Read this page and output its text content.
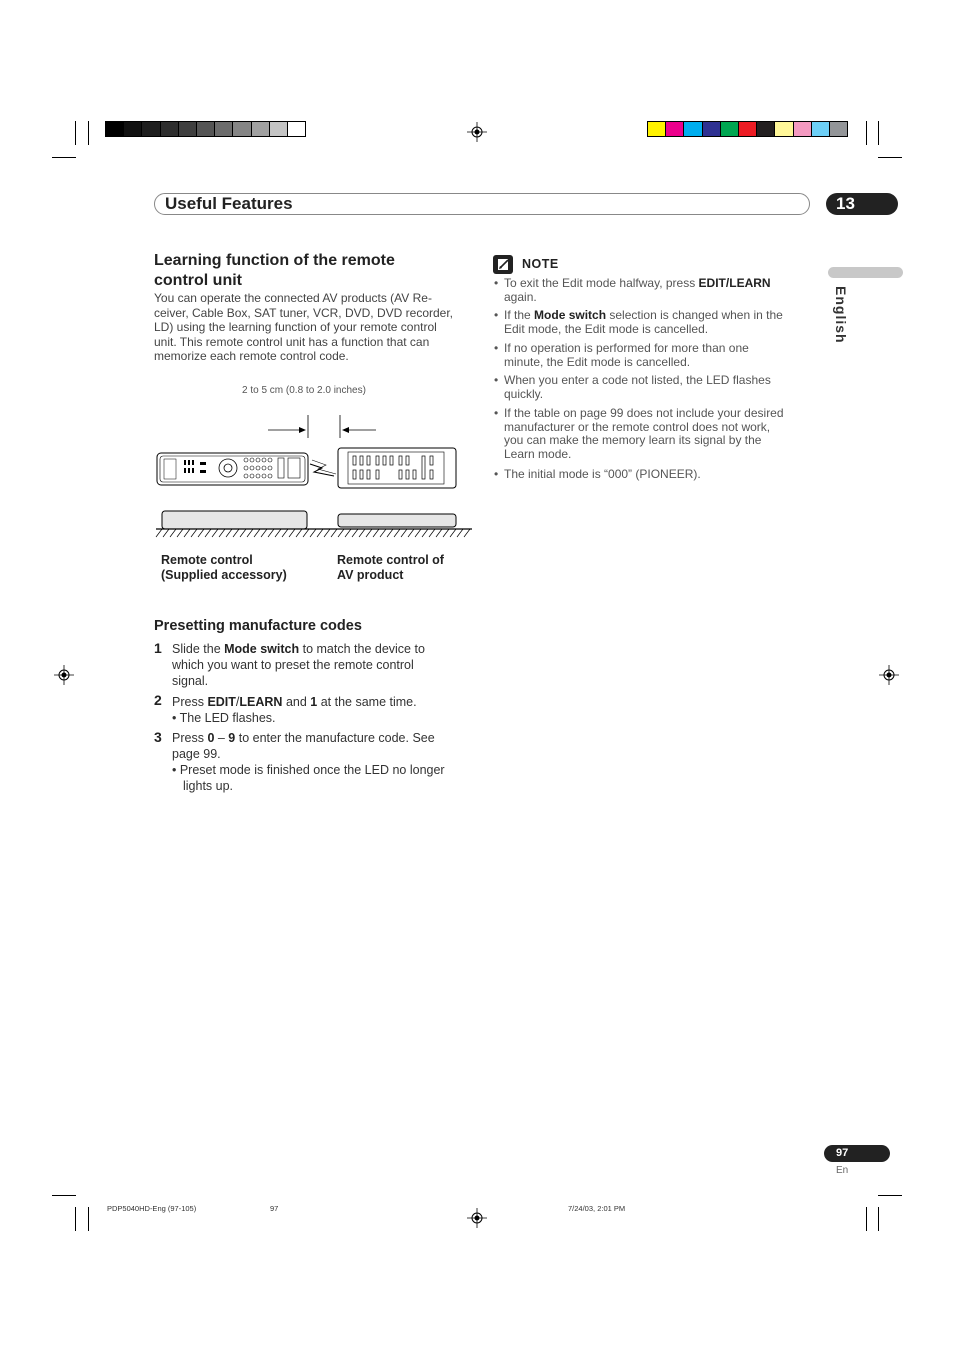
Useful Features	13
English
Learning function of the remote
control unit
You can operate the connected AV products (AV Re-
ceiver, Cable Box, SAT tuner, VCR, DVD, DVD recorder,
LD) using the learning function of your remote control
unit. This remote control unit has a function that can
memorize each remote control code.
2 to 5 cm (0.8 to 2.0 inches)
Remote control
(Supplied accessory)
Remote control of
AV product
Presetting manufacture codes
1 Slide the Mode switch to match the device to
which you want to preset the remote control
signal.
2 Press EDIT/LEARN and 1 at the same time.
• The LED flashes.
3 Press 0 – 9 to enter the manufacture code. See
page 99.
• Preset mode is finished once the LED no longer
lights up.
NOTE
• To exit the Edit mode halfway, press EDIT/LEARN
again.
• If the Mode switch selection is changed when in the
Edit mode, the Edit mode is cancelled.
• If no operation is performed for more than one
minute, the Edit mode is cancelled.
• When you enter a code not listed, the LED flashes
quickly.
• If the table on page 99 does not include your desired
manufacturer or the remote control does not work,
you can make the memory learn its signal by the
Learn mode.
• The initial mode is “000” (PIONEER).
97
En
PDP5040HD-Eng (97-105)	97	7/24/03, 2:01 PM
